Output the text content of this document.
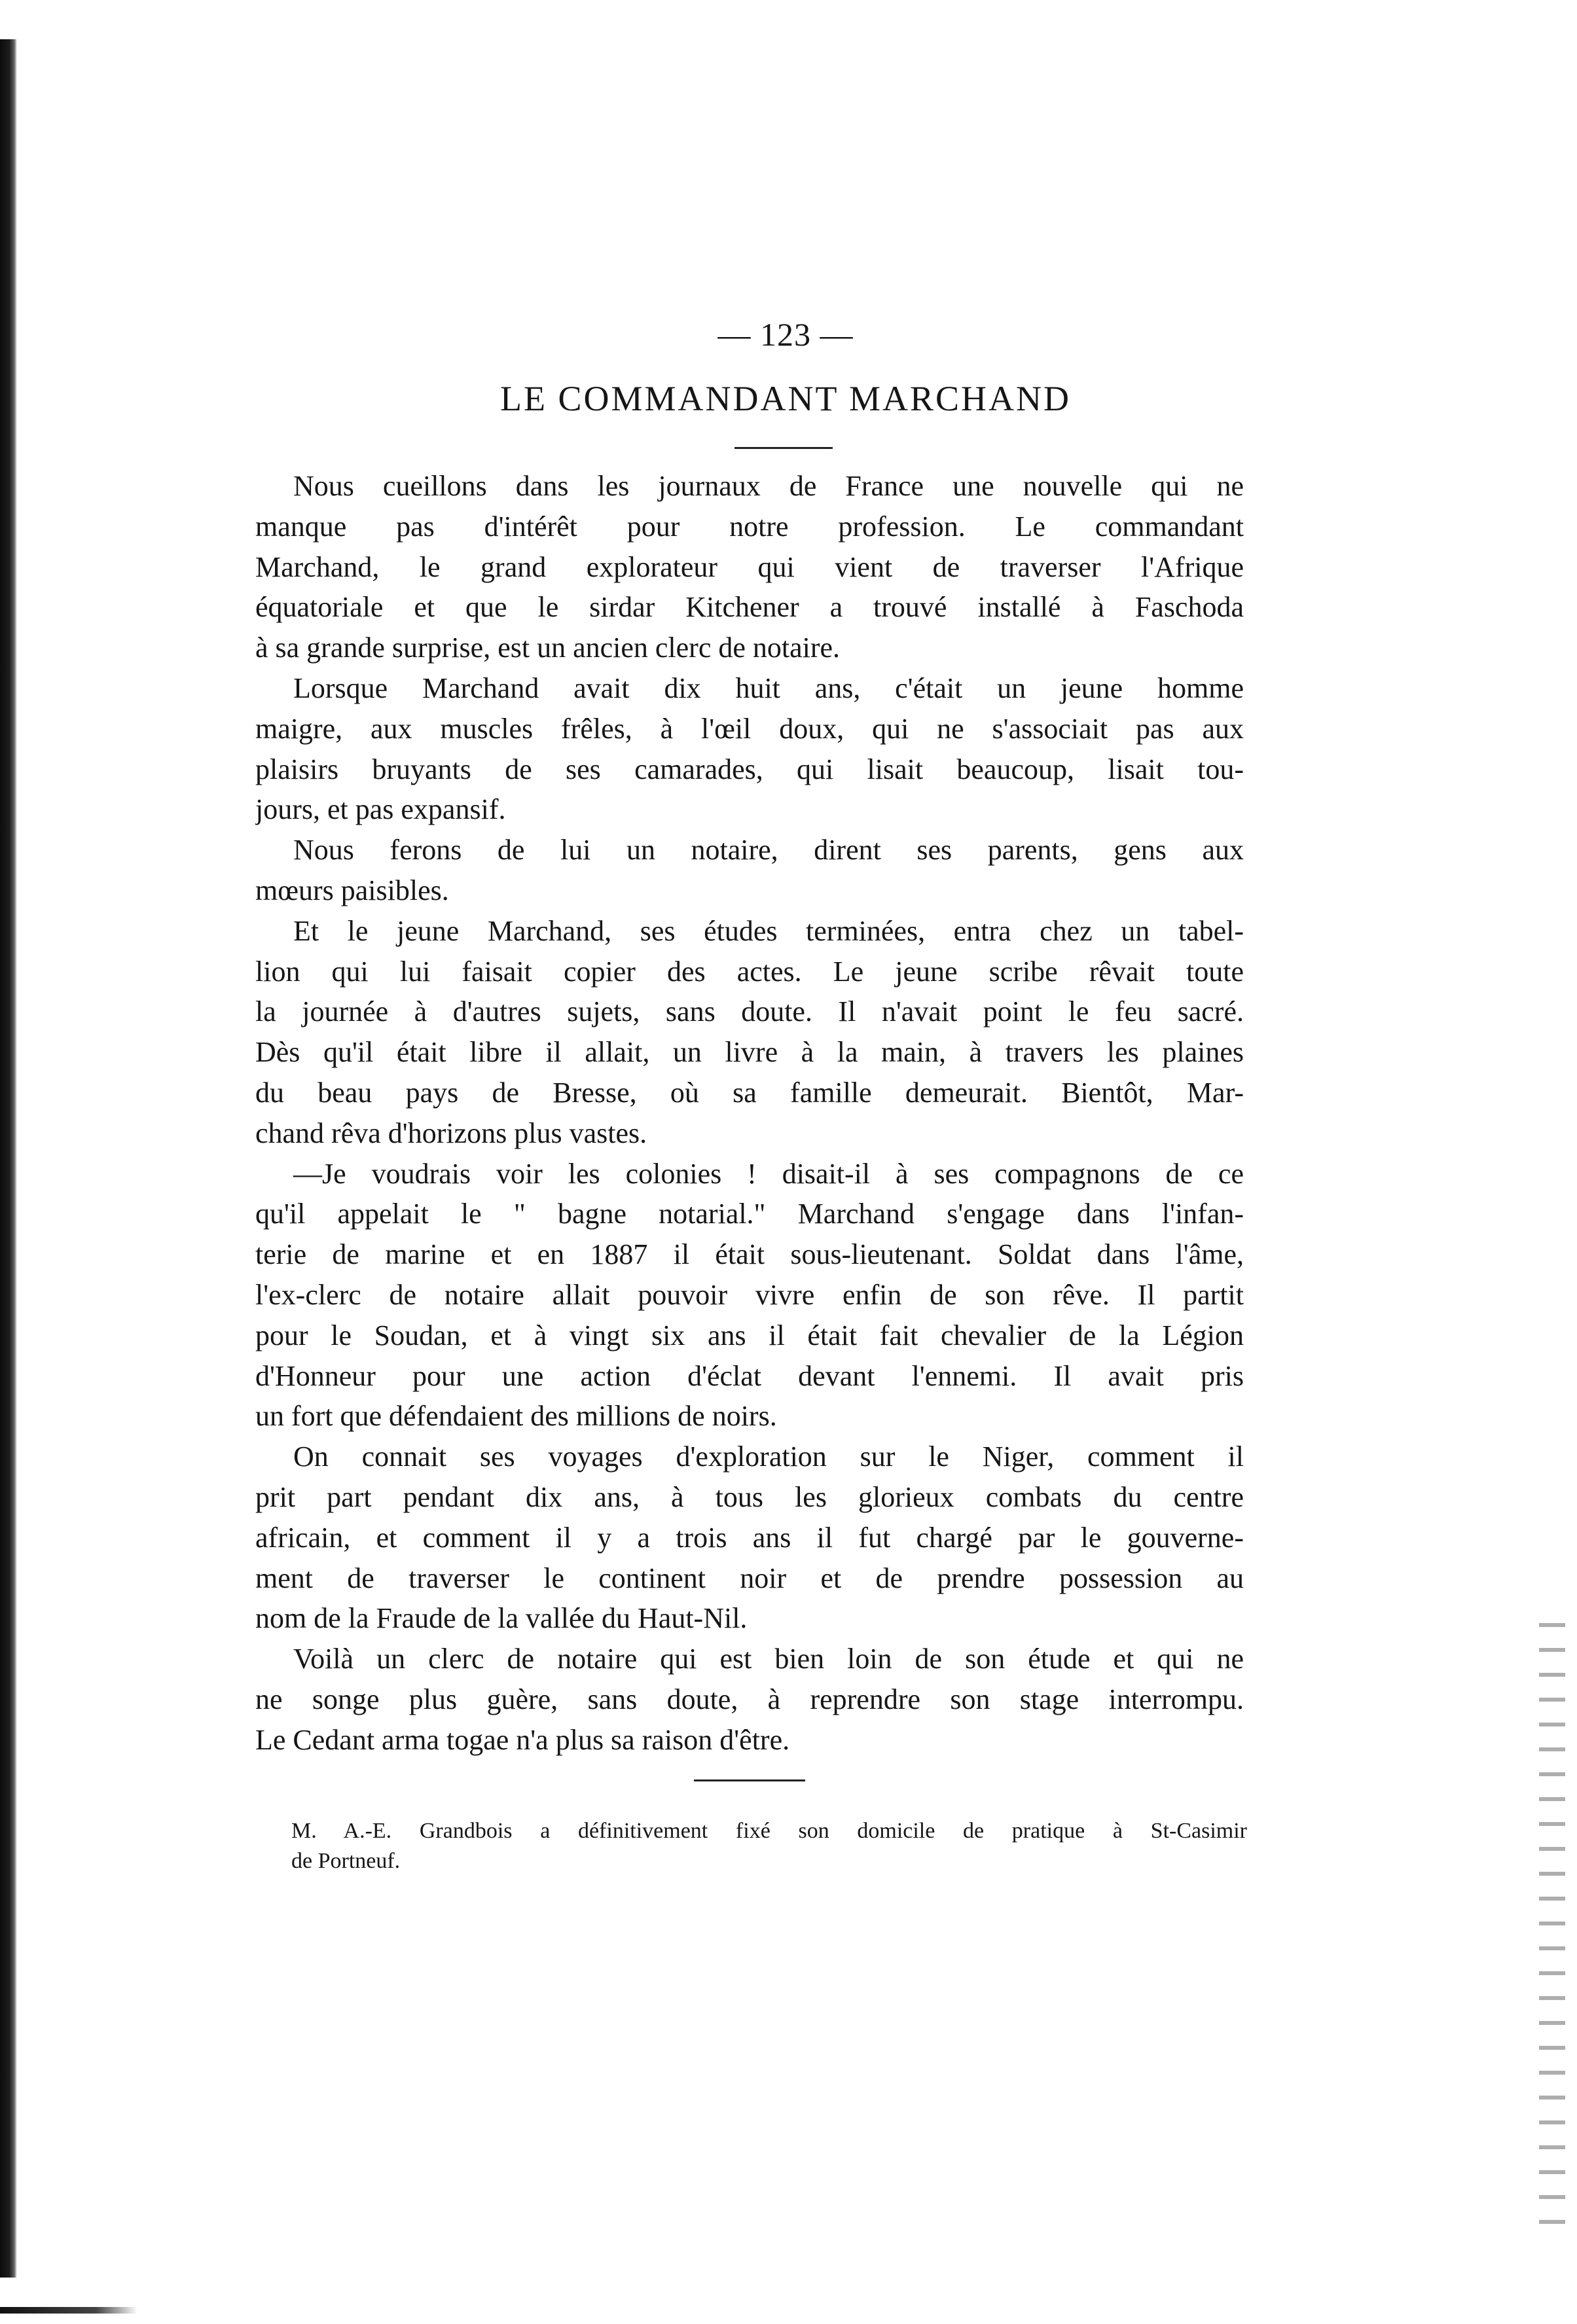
— 123 —
LE COMMANDANT MARCHAND
Nous cueillons dans les journaux de France une nouvelle qui ne
manque pas d'intérêt pour notre profession. Le commandant
Marchand, le grand explorateur qui vient de traverser l'Afrique
équatoriale et que le sirdar Kitchener a trouvé installé à Faschoda
à sa grande surprise, est un ancien clerc de notaire.
Lorsque Marchand avait dix huit ans, c'était un jeune homme
maigre, aux muscles frêles, à l'œil doux, qui ne s'associait pas aux
plaisirs bruyants de ses camarades, qui lisait beaucoup, lisait tou-
jours, et pas expansif.
Nous ferons de lui un notaire, dirent ses parents, gens aux
mœurs paisibles.
Et le jeune Marchand, ses études terminées, entra chez un tabel-
lion qui lui faisait copier des actes. Le jeune scribe rêvait toute
la journée à d'autres sujets, sans doute. Il n'avait point le feu sacré.
Dès qu'il était libre il allait, un livre à la main, à travers les plaines
du beau pays de Bresse, où sa famille demeurait. Bientôt, Mar-
chand rêva d'horizons plus vastes.
—Je voudrais voir les colonies ! disait-il à ses compagnons de ce
qu'il appelait le " bagne notarial." Marchand s'engage dans l'infan-
terie de marine et en 1887 il était sous-lieutenant. Soldat dans l'âme,
l'ex-clerc de notaire allait pouvoir vivre enfin de son rêve. Il partit
pour le Soudan, et à vingt six ans il était fait chevalier de la Légion
d'Honneur pour une action d'éclat devant l'ennemi. Il avait pris
un fort que défendaient des millions de noirs.
On connait ses voyages d'exploration sur le Niger, comment il
prit part pendant dix ans, à tous les glorieux combats du centre
africain, et comment il y a trois ans il fut chargé par le gouverne-
ment de traverser le continent noir et de prendre possession au
nom de la Fraude de la vallée du Haut-Nil.
Voilà un clerc de notaire qui est bien loin de son étude et qui ne
ne songe plus guère, sans doute, à reprendre son stage interrompu.
Le Cedant arma togae n'a plus sa raison d'être.
M. A.-E. Grandbois a définitivement fixé son domicile de pratique à St-Casimir
de Portneuf.
